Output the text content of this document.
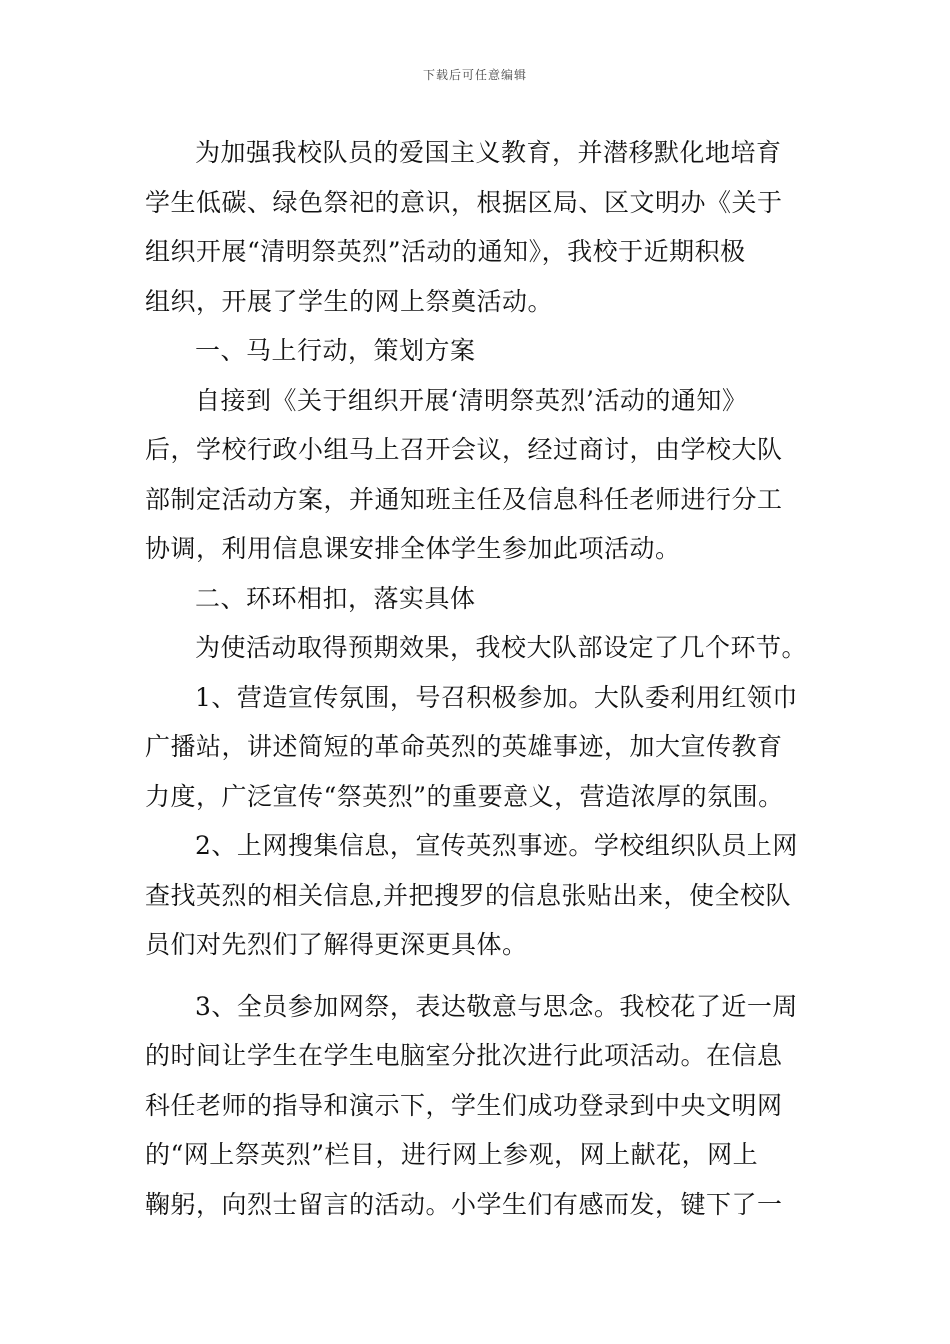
下载后可任意编辑
为加强我校队员的爱国主义教育，并潜移默化地培育
学生低碳、绿色祭祀的意识，根据区局、区文明办《关于
组织开展“清明祭英烈”活动的通知》，我校于近期积极
组织，开展了学生的网上祭奠活动。
一、马上行动，策划方案
自接到《关于组织开展‘清明祭英烈’活动的通知》
后，学校行政小组马上召开会议，经过商讨，由学校大队
部制定活动方案，并通知班主任及信息科任老师进行分工
协调，利用信息课安排全体学生参加此项活动。
二、环环相扣，落实具体
为使活动取得预期效果，我校大队部设定了几个环节。
1、营造宣传氛围，号召积极参加。大队委利用红领巾
广播站，讲述简短的革命英烈的英雄事迹，加大宣传教育
力度，广泛宣传“祭英烈”的重要意义，营造浓厚的氛围。
2、上网搜集信息，宣传英烈事迹。学校组织队员上网
查找英烈的相关信息,并把搜罗的信息张贴出来，使全校队
员们对先烈们了解得更深更具体。
3、全员参加网祭，表达敬意与思念。我校花了近一周
的时间让学生在学生电脑室分批次进行此项活动。在信息
科任老师的指导和演示下，学生们成功登录到中央文明网
的“网上祭英烈”栏目，进行网上参观，网上献花，网上
鞠躬，向烈士留言的活动。小学生们有感而发，键下了一
